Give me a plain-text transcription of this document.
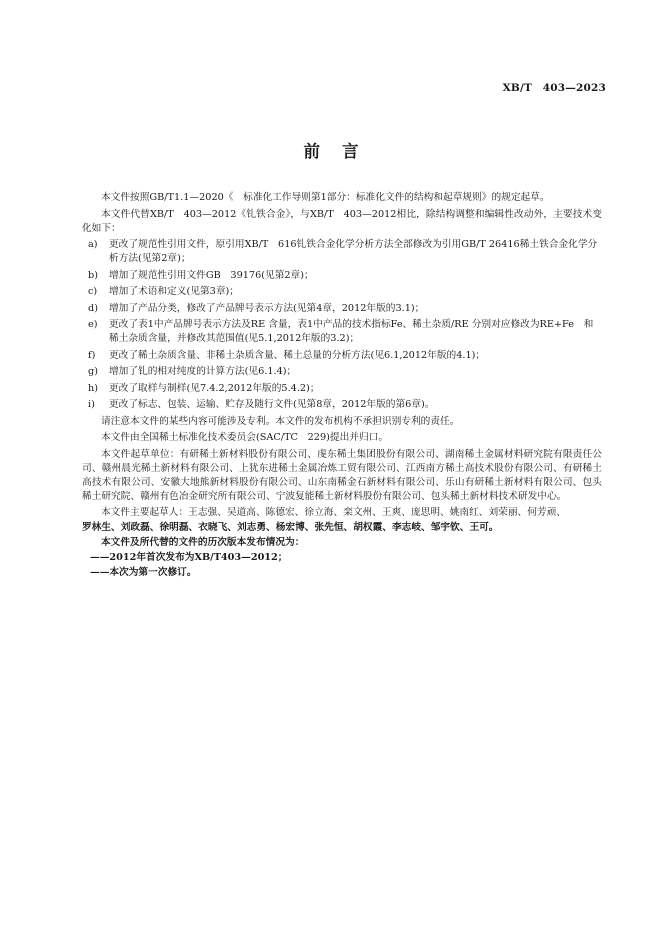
XB/T　403—2023
前言

本文件按照GB/T1.1—2020《　标准化工作导则第1部分：标准化文件的结构和起草规则》的规定起草。

本文件代替XB/T　403—2012《钆铁合金》，与XB/T　403—2012相比，除结构调整和编辑性改动外，主要技术变化如下：

a)	更改了规范性引用文件，原引用XB/T　616钆铁合金化学分析方法全部修改为引用GB/T 26416稀土铁合金化学分析方法(见第2章)；
b)	增加了规范性引用文件GB　39176(见第2章)；
c)	增加了术语和定义(见第3章)；
d)	增加了产品分类，修改了产品牌号表示方法(见第4章，2012年版的3.1)；
e)	更改了表1中产品牌号表示方法及RE 含量，表1中产品的技术指标Fe、稀土杂质/RE 分别对应修改为RE+Fe　和稀土杂质含量，并修改其范围值(见5.1,2012年版的3.2)；
f)	更改了稀土杂质含量、非稀土杂质含量、稀土总量的分析方法(见6.1,2012年版的4.1)；
g)	增加了钆的相对纯度的计算方法(见6.1.4)；
h)	更改了取样与制样(见7.4.2,2012年版的5.4.2)；
i)	更改了标志、包装、运输、贮存及随行文件(见第8章，2012年版的第6章)。

请注意本文件的某些内容可能涉及专利。本文件的发布机构不承担识别专利的责任。

本文件由全国稀土标准化技术委员会(SAC/TC　229)提出并归口。

本文件起草单位：有研稀土新材料股份有限公司、虔东稀土集团股份有限公司、湖南稀土金属材料研究院有限责任公司、赣州晨光稀土新材料有限公司、上犹东进稀土金属冶炼工贸有限公司、江西南方稀土高技术股份有限公司、有研稀土高技术有限公司、安徽大地熊新材料股份有限公司、山东南稀金石新材料有限公司、乐山有研稀土新材料有限公司、包头稀土研究院、赣州有色冶金研究所有限公司、宁波复能稀土新材料股份有限公司、包头稀土新材料技术研发中心。

本文件主要起草人：王志强、吴道高、陈德宏、徐立海、栾文州、王爽、庞思明、姚南红、刘荣丽、何芳顽、

罗林生、刘政磊、徐明磊、衣晓飞、刘志勇、杨宏博、张先恒、胡权霞、李志岐、邹宇钦、王可。

本文件及所代替的文件的历次版本发布情况为：

——2012年首次发布为XB/T403—2012；

——本次为第一次修订。
